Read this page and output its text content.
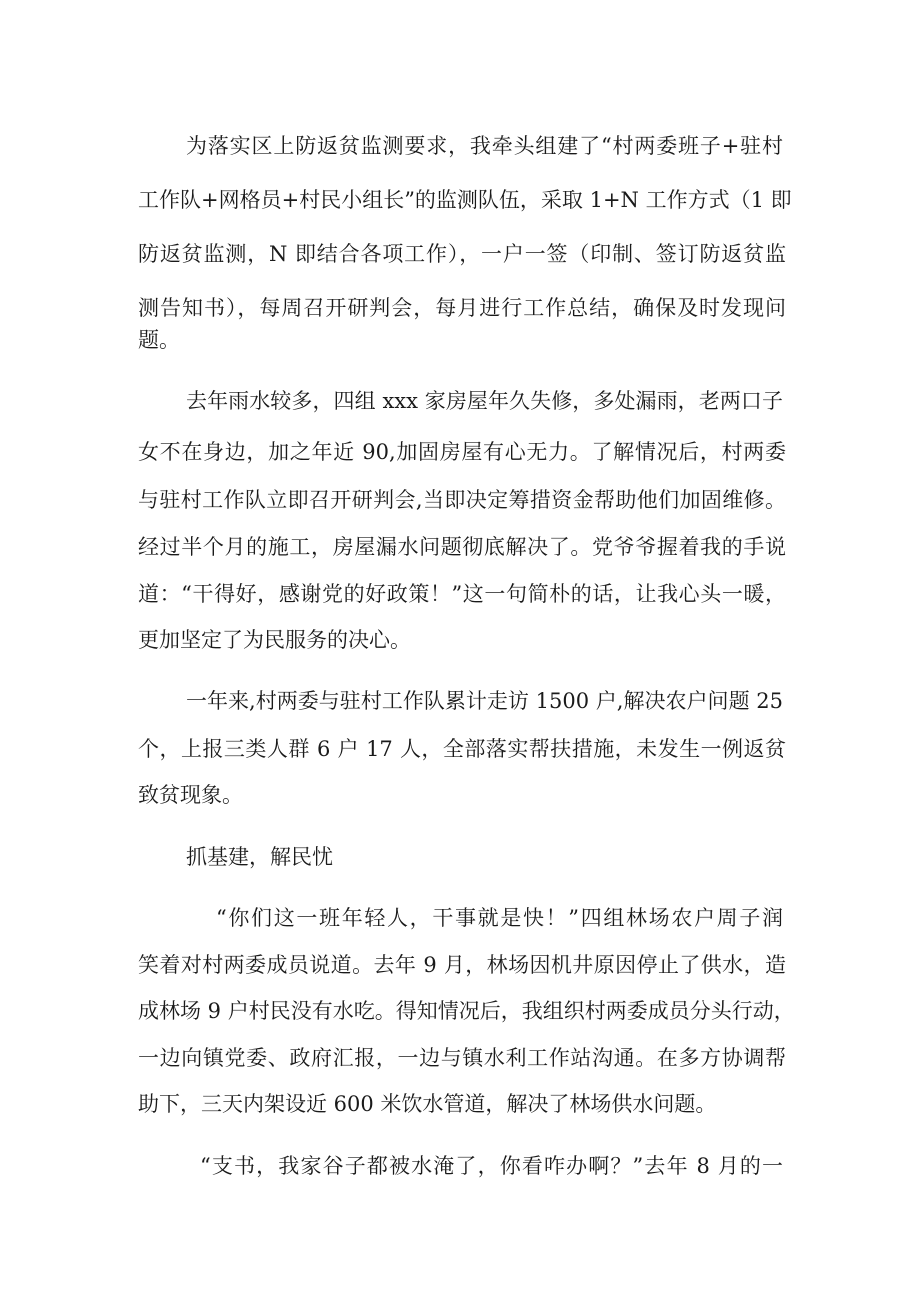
为落实区上防返贫监测要求，我牵头组建了“村两委班子+驻村

工作队+网格员+村民小组长”的监测队伍，采取 1+N 工作方式（1 即

防返贫监测，N 即结合各项工作），一户一签（印制、签订防返贫监

测告知书），每周召开研判会，每月进行工作总结，确保及时发现问

题。

去年雨水较多，四组 xxx 家房屋年久失修，多处漏雨，老两口子

女不在身边，加之年近 90,加固房屋有心无力。了解情况后，村两委

与驻村工作队立即召开研判会,当即决定筹措资金帮助他们加固维修。

经过半个月的施工，房屋漏水问题彻底解决了。党爷爷握着我的手说

道：“干得好，感谢党的好政策！”这一句简朴的话，让我心头一暖，

更加坚定了为民服务的决心。

一年来,村两委与驻村工作队累计走访 1500 户,解决农户问题 25

个，上报三类人群 6 户 17 人，全部落实帮扶措施，未发生一例返贫

致贫现象。

抓基建，解民忧

“你们这一班年轻人，干事就是快！”四组林场农户周子润

笑着对村两委成员说道。去年 9 月，林场因机井原因停止了供水，造

成林场 9 户村民没有水吃。得知情况后，我组织村两委成员分头行动，

一边向镇党委、政府汇报，一边与镇水利工作站沟通。在多方协调帮

助下，三天内架设近 600 米饮水管道，解决了林场供水问题。

“支书，我家谷子都被水淹了，你看咋办啊？”去年 8 月的一
